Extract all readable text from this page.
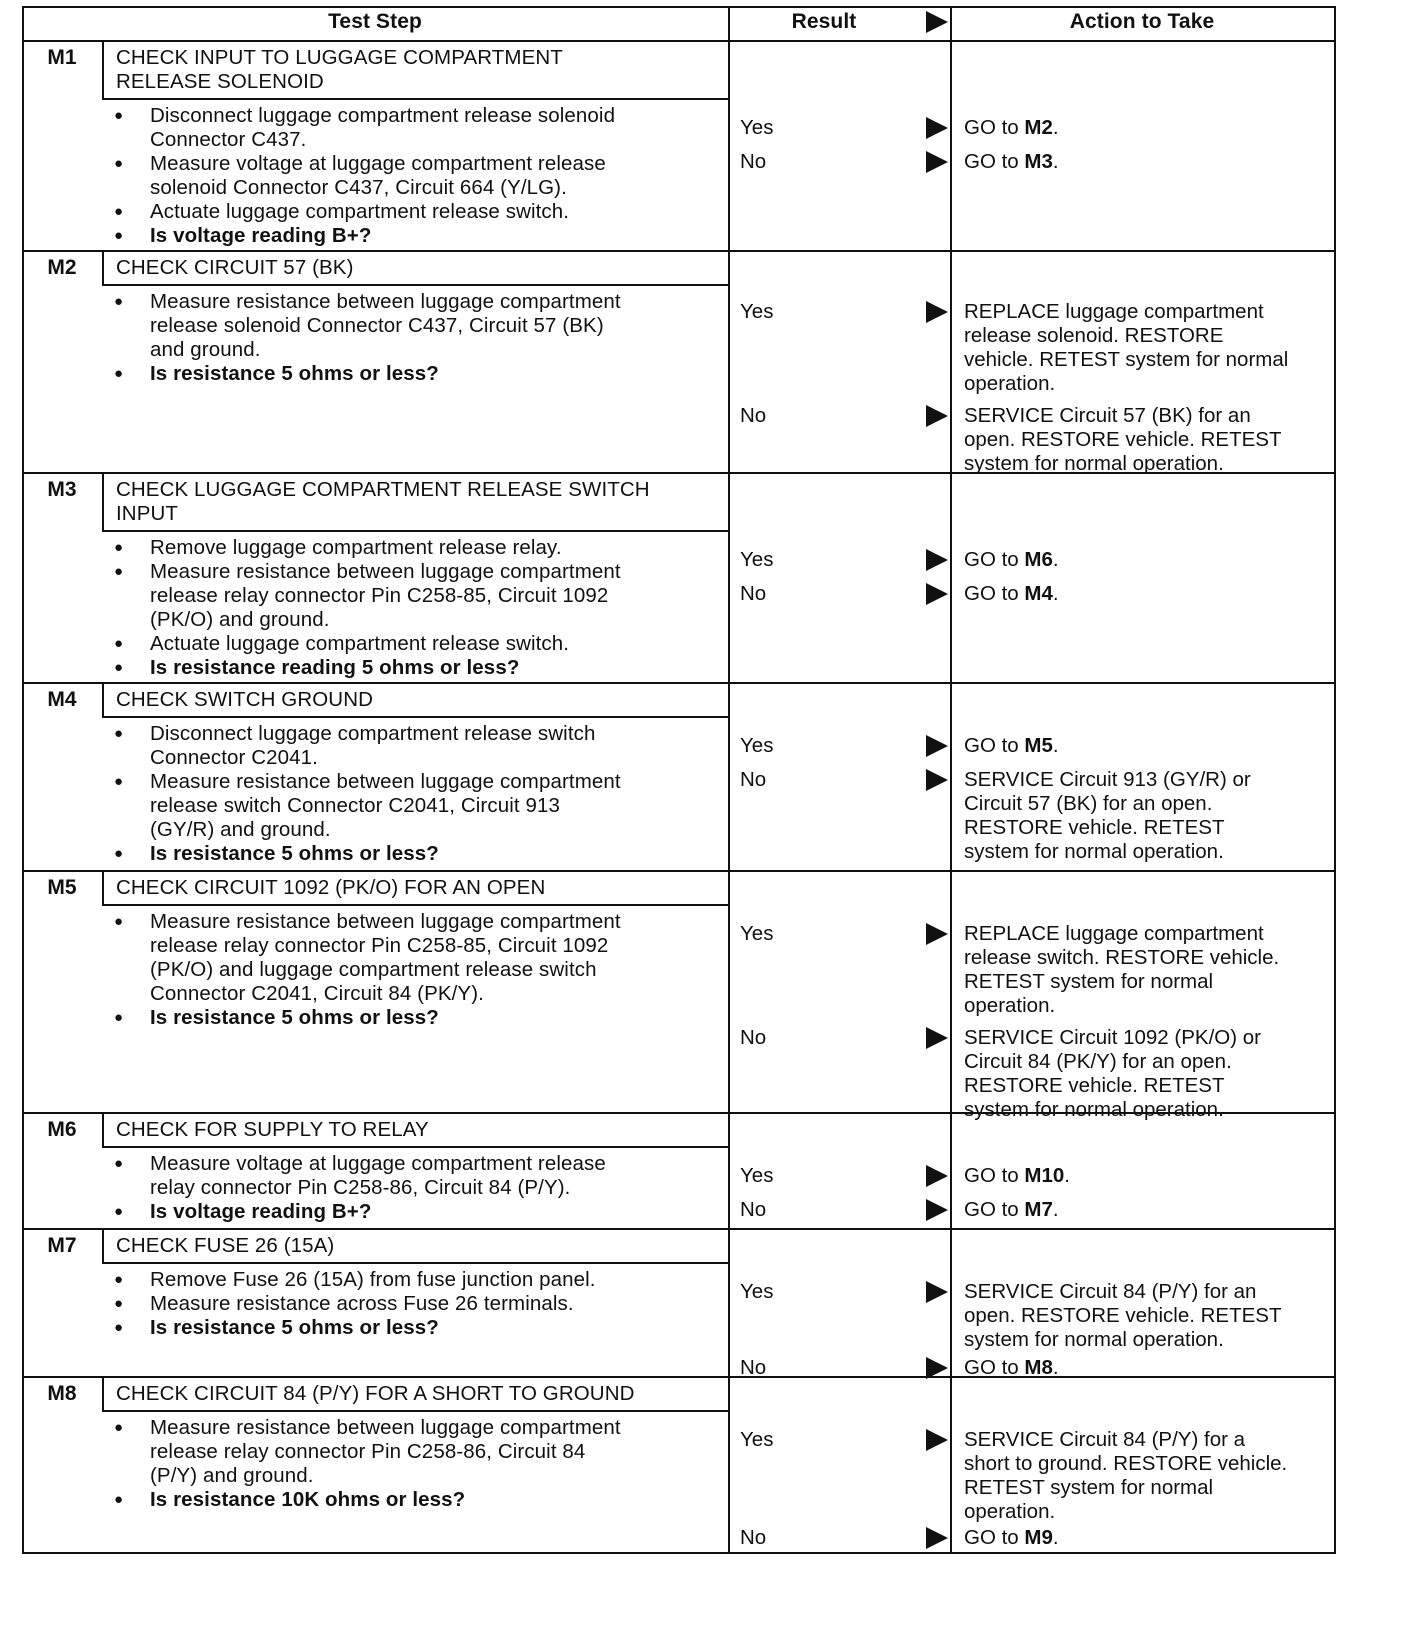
Test Step	Result	Action to Take
M1	CHECK INPUT TO LUGGAGE COMPARTMENT
RELEASE SOLENOID
● Disconnect luggage compartment release solenoid
Connector C437.
● Measure voltage at luggage compartment release
solenoid Connector C437, Circuit 664 (Y/LG).
● Actuate luggage compartment release switch.
● Is voltage reading B+?
Yes	GO to M2.
No	GO to M3.
M2	CHECK CIRCUIT 57 (BK)
● Measure resistance between luggage compartment
release solenoid Connector C437, Circuit 57 (BK)
and ground.
● Is resistance 5 ohms or less?
Yes	REPLACE luggage compartment
release solenoid. RESTORE
vehicle. RETEST system for normal
operation.
No	SERVICE Circuit 57 (BK) for an
open. RESTORE vehicle. RETEST
system for normal operation.
M3	CHECK LUGGAGE COMPARTMENT RELEASE SWITCH
INPUT
● Remove luggage compartment release relay.
● Measure resistance between luggage compartment
release relay connector Pin C258-85, Circuit 1092
(PK/O) and ground.
● Actuate luggage compartment release switch.
● Is resistance reading 5 ohms or less?
Yes	GO to M6.
No	GO to M4.
M4	CHECK SWITCH GROUND
● Disconnect luggage compartment release switch
Connector C2041.
● Measure resistance between luggage compartment
release switch Connector C2041, Circuit 913
(GY/R) and ground.
● Is resistance 5 ohms or less?
Yes	GO to M5.
No	SERVICE Circuit 913 (GY/R) or
Circuit 57 (BK) for an open.
RESTORE vehicle. RETEST
system for normal operation.
M5	CHECK CIRCUIT 1092 (PK/O) FOR AN OPEN
● Measure resistance between luggage compartment
release relay connector Pin C258-85, Circuit 1092
(PK/O) and luggage compartment release switch
Connector C2041, Circuit 84 (PK/Y).
● Is resistance 5 ohms or less?
Yes	REPLACE luggage compartment
release switch. RESTORE vehicle.
RETEST system for normal
operation.
No	SERVICE Circuit 1092 (PK/O) or
Circuit 84 (PK/Y) for an open.
RESTORE vehicle. RETEST
system for normal operation.
M6	CHECK FOR SUPPLY TO RELAY
● Measure voltage at luggage compartment release
relay connector Pin C258-86, Circuit 84 (P/Y).
● Is voltage reading B+?
Yes	GO to M10.
No	GO to M7.
M7	CHECK FUSE 26 (15A)
● Remove Fuse 26 (15A) from fuse junction panel.
● Measure resistance across Fuse 26 terminals.
● Is resistance 5 ohms or less?
Yes	SERVICE Circuit 84 (P/Y) for an
open. RESTORE vehicle. RETEST
system for normal operation.
No	GO to M8.
M8	CHECK CIRCUIT 84 (P/Y) FOR A SHORT TO GROUND
● Measure resistance between luggage compartment
release relay connector Pin C258-86, Circuit 84
(P/Y) and ground.
● Is resistance 10K ohms or less?
Yes	SERVICE Circuit 84 (P/Y) for a
short to ground. RESTORE vehicle.
RETEST system for normal
operation.
No	GO to M9.
